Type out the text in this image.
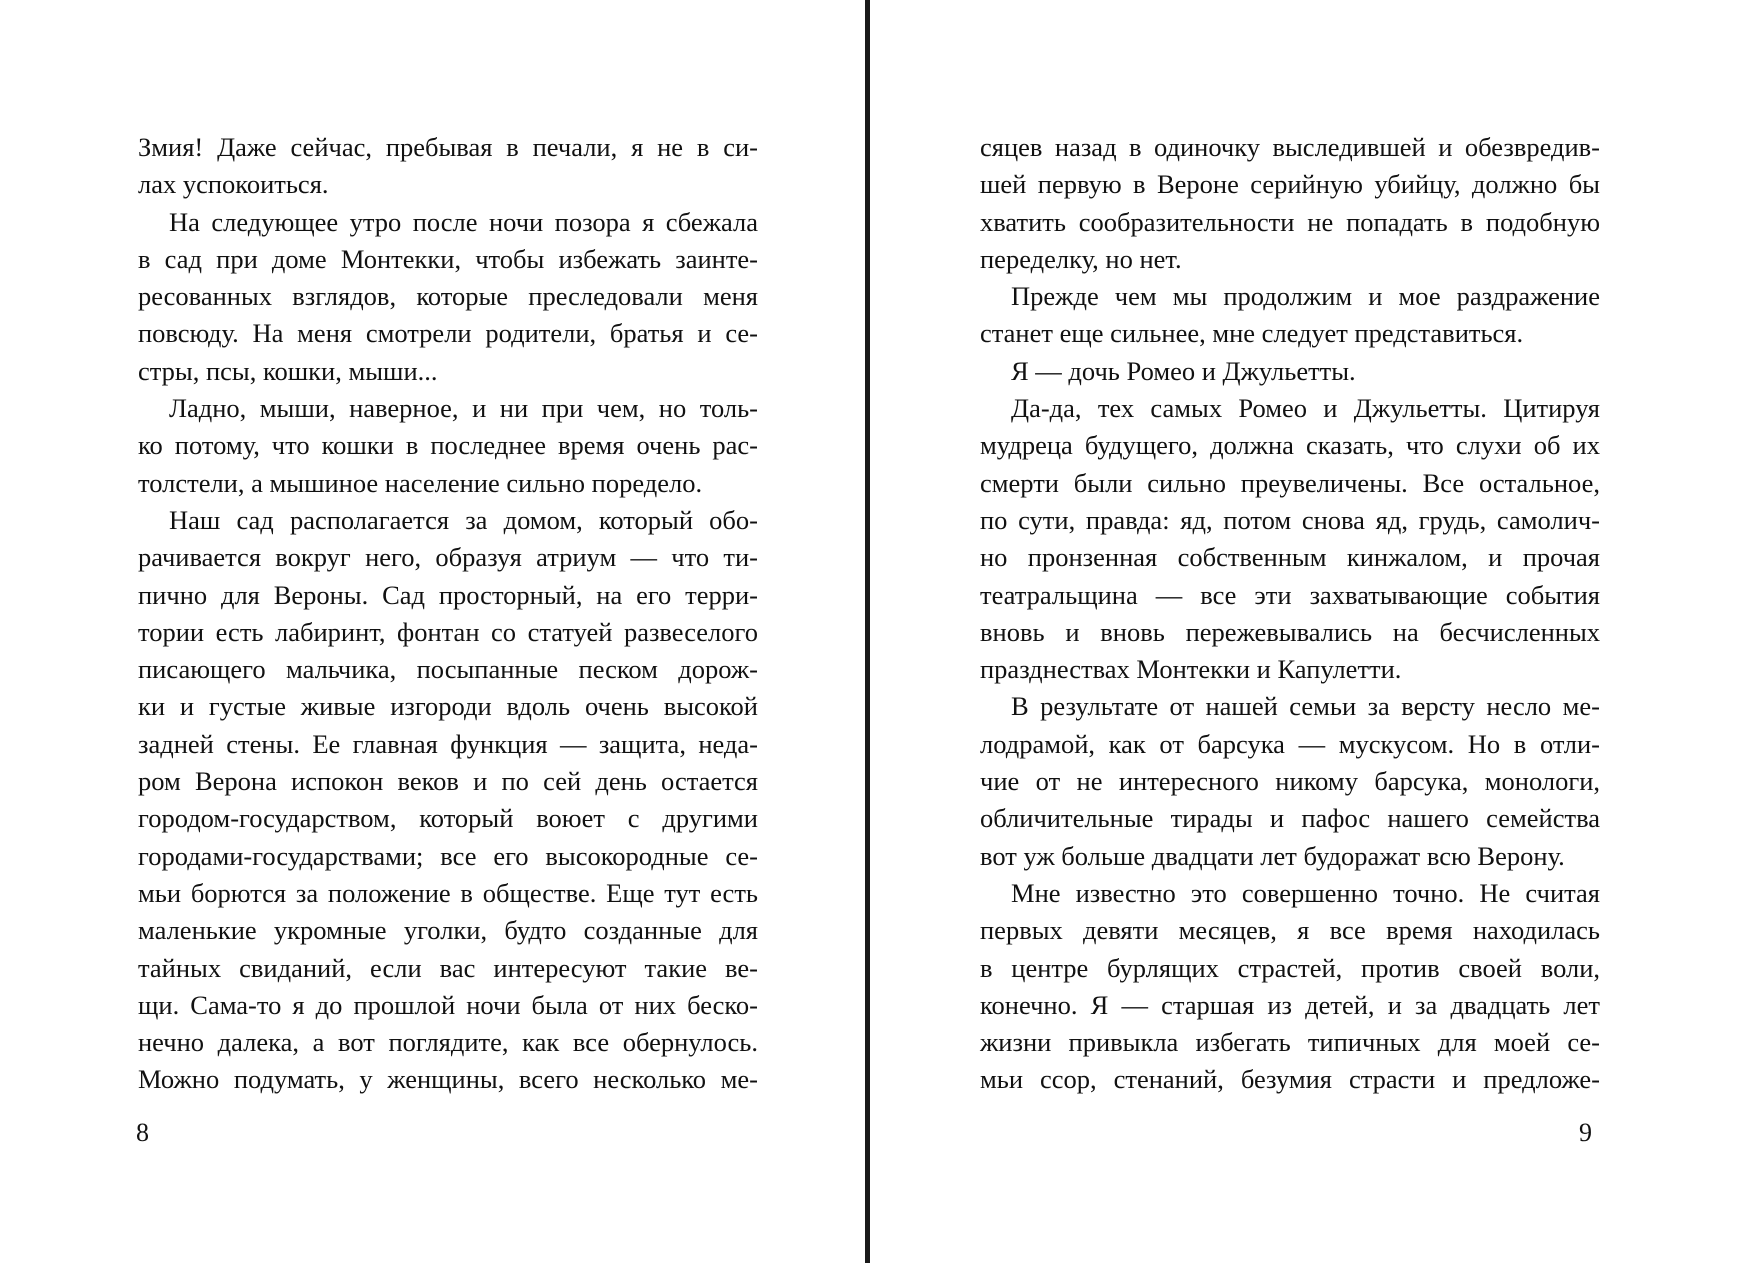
Змия! Даже сейчас, пребывая в печали, я не в си-
лах успокоиться.
На следующее утро после ночи позора я сбежала
в сад при доме Монтекки, чтобы избежать заинте-
ресованных взглядов, которые преследовали меня
повсюду. На меня смотрели родители, братья и се-
стры, псы, кошки, мыши...
Ладно, мыши, наверное, и ни при чем, но толь-
ко потому, что кошки в последнее время очень рас-
толстели, а мышиное население сильно поредело.
Наш сад располагается за домом, который обо-
рачивается вокруг него, образуя атриум — что ти-
пично для Вероны. Сад просторный, на его терри-
тории есть лабиринт, фонтан со статуей развеселого
писающего мальчика, посыпанные песком дорож-
ки и густые живые изгороди вдоль очень высокой
задней стены. Ее главная функция — защита, неда-
ром Верона испокон веков и по сей день остается
городом-государством, который воюет с другими
городами-государствами; все его высокородные се-
мьи борются за положение в обществе. Еще тут есть
маленькие укромные уголки, будто созданные для
тайных свиданий, если вас интересуют такие ве-
щи. Сама-то я до прошлой ночи была от них беско-
нечно далека, а вот поглядите, как все обернулось.
Можно подумать, у женщины, всего несколько ме-
8
сяцев назад в одиночку выследившей и обезвредив-
шей первую в Вероне серийную убийцу, должно бы
хватить сообразительности не попадать в подобную
переделку, но нет.
Прежде чем мы продолжим и мое раздражение
станет еще сильнее, мне следует представиться.
Я — дочь Ромео и Джульетты.
Да-да, тех самых Ромео и Джульетты. Цитируя
мудреца будущего, должна сказать, что слухи об их
смерти были сильно преувеличены. Все остальное,
по сути, правда: яд, потом снова яд, грудь, самолич-
но пронзенная собственным кинжалом, и прочая
театральщина — все эти захватывающие события
вновь и вновь пережевывались на бесчисленных
празднествах Монтекки и Капулетти.
В результате от нашей семьи за версту несло ме-
лодрамой, как от барсука — мускусом. Но в отли-
чие от не интересного никому барсука, монологи,
обличительные тирады и пафос нашего семейства
вот уж больше двадцати лет будоражат всю Верону.
Мне известно это совершенно точно. Не считая
первых девяти месяцев, я все время находилась
в центре бурлящих страстей, против своей воли,
конечно. Я — старшая из детей, и за двадцать лет
жизни привыкла избегать типичных для моей се-
мьи ссор, стенаний, безумия страсти и предложе-
9
